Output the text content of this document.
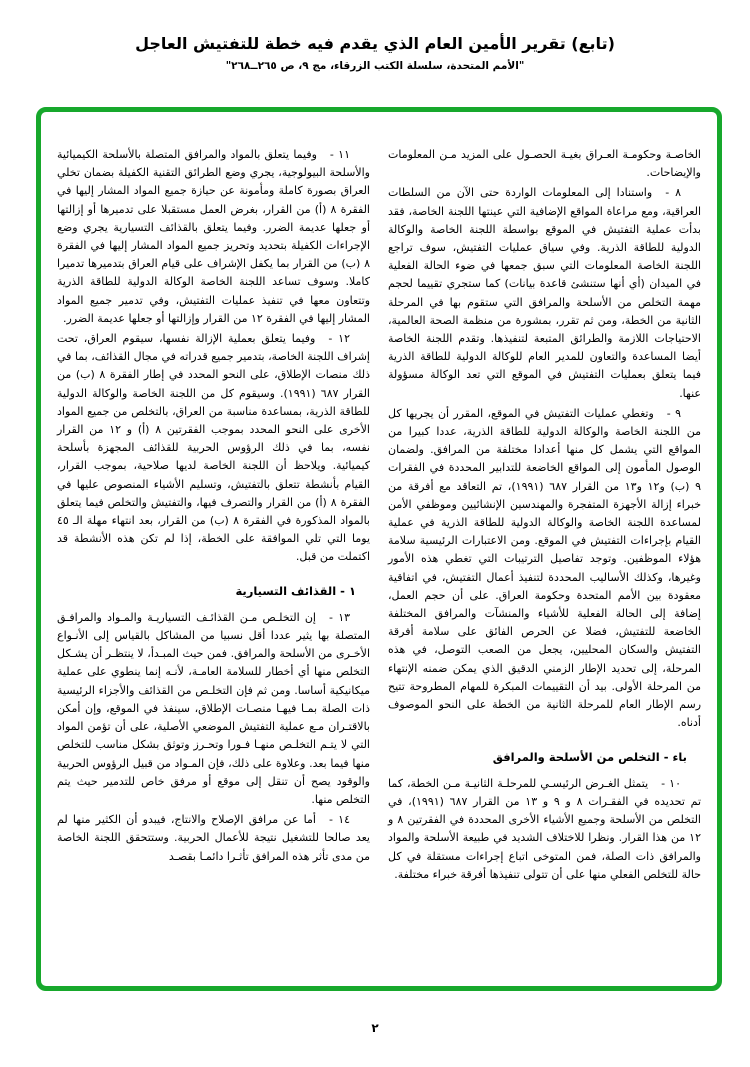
(تابع) تقرير الأمين العام الذي يقدم فيه خطة للتفتيش العاجل
"الأمم المتحدة، سلسلة الكتب الزرقاء، مج ٩، ص ٢٦٥ــ٢٦٨"

الخاصـة وحكومـة العـراق بغيـة الحصـول على المزيد مـن المعلومات والإيضاحات.

٨ -واستنادا إلى المعلومات الواردة حتى الآن من السلطات العراقية، ومع مراعاة المواقع الإضافية التي عينتها اللجنة الخاصة، فقد بدأت عملية التفتيش في الموقع بواسطة اللجنة الخاصة والوكالة الدولية للطاقة الذرية. وفي سياق عمليات التفتيش، سوف تراجع اللجنة الخاصة المعلومات التي سبق جمعها في ضوء الحالة الفعلية في الميدان (أي أنها ستنشئ قاعدة بيانات) كما ستجري تقييما لحجم مهمة التخلص من الأسلحة والمرافق التي ستقوم بها في المرحلة الثانية من الخطة، ومن ثم تقرر، بمشورة من منظمة الصحة العالمية، الاحتياجات اللازمة والطرائق المتبعة لتنفيذها. وتقدم اللجنة الخاصة أيضا المساعدة والتعاون للمدير العام للوكالة الدولية للطاقة الذرية فيما يتعلق بعمليات التفتيش في الموقع التي تعد الوكالة مسؤولة عنها.

٩ -وتغطي عمليات التفتيش في الموقع، المقرر أن يجريها كل من اللجنة الخاصة والوكالة الدولية للطاقة الذرية، عددا كبيرا من المواقع التي يشمل كل منها أعدادا مختلفة من المرافق. ولضمان الوصول المأمون إلى المواقع الخاضعة للتدابير المحددة في الفقرات ٩ (ب) و١٢ و١٣ من القرار ٦٨٧ (١٩٩١)، تم التعاقد مع أفرقة من خبراء إزالة الأجهزة المتفجرة والمهندسين الإنشائيين وموظفي الأمن لمساعدة اللجنة الخاصة والوكالة الدولية للطاقة الذرية في عملية القيام بإجراءات التفتيش في الموقع. ومن الاعتبارات الرئيسية سلامة هؤلاء الموظفين. وتوجد تفاصيل الترتيبات التي تغطي هذه الأمور وغيرها، وكذلك الأساليب المحددة لتنفيذ أعمال التفتيش، في اتفاقية معقودة بين الأمم المتحدة وحكومة العراق. على أن حجم العمل، إضافة إلى الحالة الفعلية للأشياء والمنشآت والمرافق المختلفة الخاضعة للتفتيش، فضلا عن الحرص الفائق على سلامة أفرقة التفتيش والسكان المحليين، يجعل من الصعب التوصل، في هذه المرحلة، إلى تحديد الإطار الزمني الدقيق الذي يمكن ضمنه الإنتهاء من المرحلة الأولى. بيد أن التقييمات المبكرة للمهام المطروحة تتيح رسم الإطار العام للمرحلة الثانية من الخطة على النحو الموصوف أدناه.

باء - التخلص من الأسلحة والمرافق

١٠ -يتمثل الغـرض الرئيسـي للمرحلـة الثانيـة مـن الخطة، كما تم تحديده في الفقـرات ٨ و ٩ و ١٣ من القرار ٦٨٧ (١٩٩١)، في التخلص من الأسلحة وجميع الأشياء الأخرى المحددة في الفقرتين ٨ و ١٢ من هذا القرار. ونظرا للاختلاف الشديد في طبيعة الأسلحة والمواد والمرافق ذات الصلة، فمن المتوخى اتباع إجراءات مستقلة في كل حالة للتخلص الفعلي منها على أن تتولى تنفيذها أفرقة خبراء مختلفة.

١١ -وفيما يتعلق بالمواد والمرافق المتصلة بالأسلحة الكيميائية والأسلحة البيولوجية، يجري وضع الطرائق التقنية الكفيلة بضمان تخلي العراق بصورة كاملة ومأمونة عن حيازة جميع المواد المشار إليها في الفقرة ٨ (أ) من القرار، بغرض العمل مستقبلا على تدميرها أو إزالتها أو جعلها عديمة الضرر. وفيما يتعلق بالقذائف التسيارية يجري وضع الإجراءات الكفيلة بتحديد وتحريز جميع المواد المشار إليها في الفقرة ٨ (ب) من القرار بما يكفل الإشراف على قيام العراق بتدميرها تدميرا كاملا. وسوف تساعد اللجنة الخاصة الوكالة الدولية للطاقة الذرية وتتعاون معها في تنفيذ عمليات التفتيش، وفي تدمير جميع المواد المشار إليها في الفقرة ١٢ من القرار وإزالتها أو جعلها عديمة الضرر.

١٢ -وفيما يتعلق بعملية الإزالة نفسها، سيقوم العراق، تحت إشراف اللجنة الخاصة، بتدمير جميع قدراته في مجال القذائف، بما في ذلك منصات الإطلاق، على النحو المحدد في إطار الفقرة ٨ (ب) من القرار ٦٨٧ (١٩٩١). وسيقوم كل من اللجنة الخاصة والوكالة الدولية للطاقة الذرية، بمساعدة مناسبة من العراق، بالتخلص من جميع المواد الأخرى على النحو المحدد بموجب الفقرتين ٨ (أ) و ١٢ من القرار نفسه، بما في ذلك الرؤوس الحربية للقذائف المجهزة بأسلحة كيميائية. ويلاحظ أن اللجنة الخاصة لديها صلاحية، بموجب القرار، القيام بأنشطة تتعلق بالتفتيش، وتسليم الأشياء المنصوص عليها في الفقرة ٨ (أ) من القرار والتصرف فيها، والتفتيش والتخلص فيما يتعلق بالمواد المذكورة في الفقرة ٨ (ب) من القرار، بعد انتهاء مهلة الـ ٤٥ يوما التي تلي الموافقة على الخطة، إذا لم تكن هذه الأنشطة قد اكتملت من قبل.

١ - القذائف التسيارية

١٣ -إن التخلـص مـن القذائـف التسياريـة والمـواد والمرافـق المتصلة بها يثير عددا أقل نسبيا من المشاكل بالقياس إلى الأنـواع الأخـرى من الأسلحة والمرافق. فمن حيث المبـدأ، لا ينتظـر أن يشـكل التخلص منها أي أخطار للسلامة العامـة، لأنـه إنما ينطوي على عملية ميكانيكية أساسا. ومن ثم فإن التخلـص من القذائف والأجزاء الرئيسية ذات الصلة بمـا فيهـا منصـات الإطلاق، سينفذ في الموقع، وإن أمكن بالاقتـران مـع عملية التفتيش الموضعي الأصلية، على أن تؤمن المواد التي لا يتـم التخلـص منهـا فـورا وتحـرز وتوثق بشكل مناسب للتخلص منها فيما بعد. وعلاوة على ذلك، فإن المـواد من قبيل الرؤوس الحربية والوقود يصح أن تنقل إلى موقع أو مرفق خاص للتدمير حيث يتم التخلص منها.

١٤ -أما عن مرافق الإصلاح والانتاج، فيبدو أن الكثير منها لم يعد صالحا للتشغيل نتيجة للأعمال الحربية. وستتحقق اللجنة الخاصة من مدى تأثر هذه المرافق تأثـرا دائمـا بقصـد

٢
